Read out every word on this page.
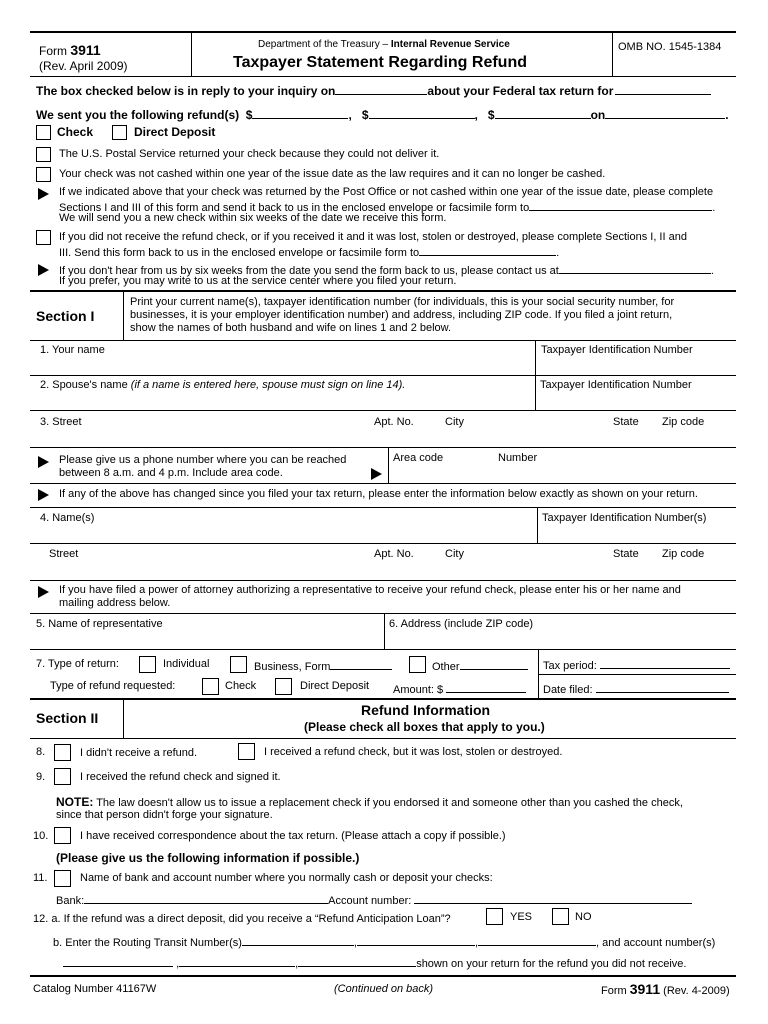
Form 3911
(Rev. April 2009)
Department of the Treasury – Internal Revenue Service
Taxpayer Statement Regarding Refund
OMB NO. 1545-1384
The box checked below is in reply to your inquiry on	about your Federal tax return for
We sent you the following refund(s) $	, $	, $	on	.
Check	Direct Deposit
The U.S. Postal Service returned your check because they could not deliver it.
Your check was not cashed within one year of the issue date as the law requires and it can no longer be cashed.
If we indicated above that your check was returned by the Post Office or not cashed within one year of the issue date, please complete
Sections I and III of this form and send it back to us in the enclosed envelope or facsimile form to	.
We will send you a new check within six weeks of the date we receive this form.
If you did not receive the refund check, or if you received it and it was lost, stolen or destroyed, please complete Sections I, II and
III. Send this form back to us in the enclosed envelope or facsimile form to	.
If you don't hear from us by six weeks from the date you send the form back to us, please contact us at	.
If you prefer, you may write to us at the service center where you filed your return.
Section I
Print your current name(s), taxpayer identification number (for individuals, this is your social security number, for
businesses, it is your employer identification number) and address, including ZIP code. If you filed a joint return,
show the names of both husband and wife on lines 1 and 2 below.
1. Your name	Taxpayer Identification Number
2. Spouse's name (if a name is entered here, spouse must sign on line 14).	Taxpayer Identification Number
3. Street	Apt. No.	City	State Zip code
Please give us a phone number where you can be reached
between 8 a.m. and 4 p.m. Include area code.
Area code	Number
If any of the above has changed since you filed your tax return, please enter the information below exactly as shown on your return.
4. Name(s)	Taxpayer Identification Number(s)
Street	Apt. No.	City	State Zip code
If you have filed a power of attorney authorizing a representative to receive your refund check, please enter his or her name and
mailing address below.
5. Name of representative	6. Address (include ZIP code)
7. Type of return:	Individual	Business, Form	Other	Tax period:
Type of refund requested:	Check	Direct Deposit Amount: $	Date filed:
Section II	Refund Information
(Please check all boxes that apply to you.)
8.	I didn't receive a refund.	I received a refund check, but it was lost, stolen or destroyed.
9.	I received the refund check and signed it.
NOTE: The law doesn't allow us to issue a replacement check if you endorsed it and someone other than you cashed the check,
since that person didn't forge your signature.
10.	I have received correspondence about the tax return. (Please attach a copy if possible.)
(Please give us the following information if possible.)
11.	Name of bank and account number where you normally cash or deposit your checks:
Bank:	Account number:
12. a. If the refund was a direct deposit, did you receive a “Refund Anticipation Loan”?	YES	NO
b. Enter the Routing Transit Number(s)	,	,	, and account number(s)
,	,	shown on your return for the refund you did not receive.
Catalog Number 41167W	(Continued on back)	Form 3911 (Rev. 4-2009)
